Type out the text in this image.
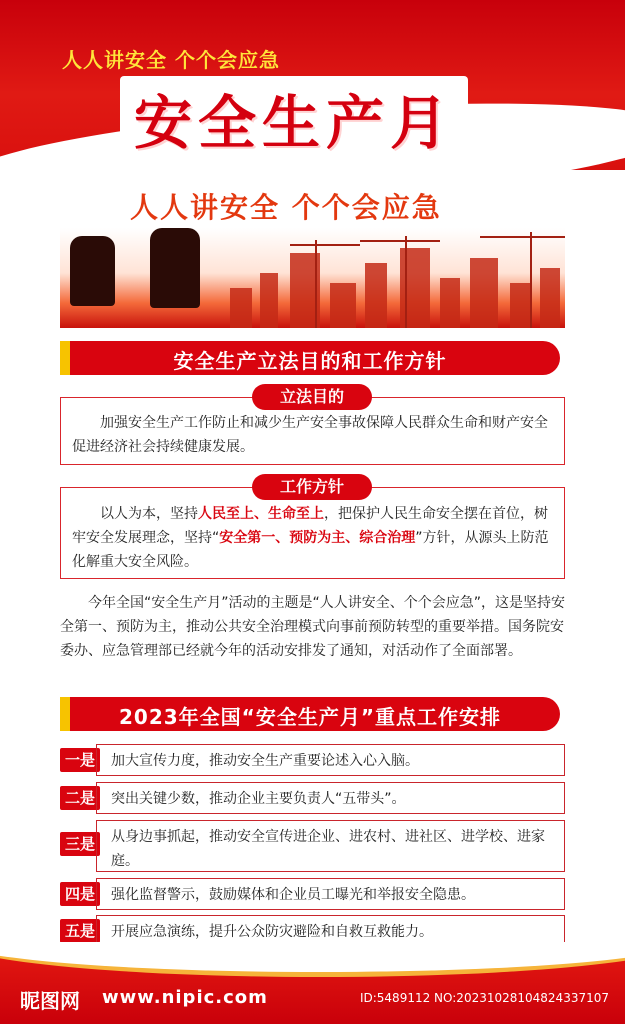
人人讲安全 个个会应急
安全生产月
人人讲安全 个个会应急
安全生产立法目的和工作方针
立法目的
加强安全生产工作防止和减少生产安全事故保障人民群众生命和财产安全促进经济社会持续健康发展。
工作方针
以人为本，坚持人民至上、生命至上，把保护人民生命安全摆在首位，树牢安全发展理念，坚持“安全第一、预防为主、综合治理”方针，从源头上防范化解重大安全风险。
今年全国“安全生产月”活动的主题是“人人讲安全、个个会应急”，这是坚持安全第一、预防为主，推动公共安全治理模式向事前预防转型的重要举措。国务院安委办、应急管理部已经就今年的活动安排发了通知，对活动作了全面部署。
2023年全国“安全生产月”重点工作安排
一是	加大宣传力度，推动安全生产重要论述入心入脑。
二是	突出关键少数，推动企业主要负责人“五带头”。
三是	从身边事抓起，推动安全宣传进企业、进农村、进社区、进学校、进家庭。
四是	强化监督警示，鼓励媒体和企业员工曝光和举报安全隐患。
五是	开展应急演练，提升公众防灾避险和自救互救能力。
昵图网 www.nipic.com	ID:5489112 NO:20231028104824337107
